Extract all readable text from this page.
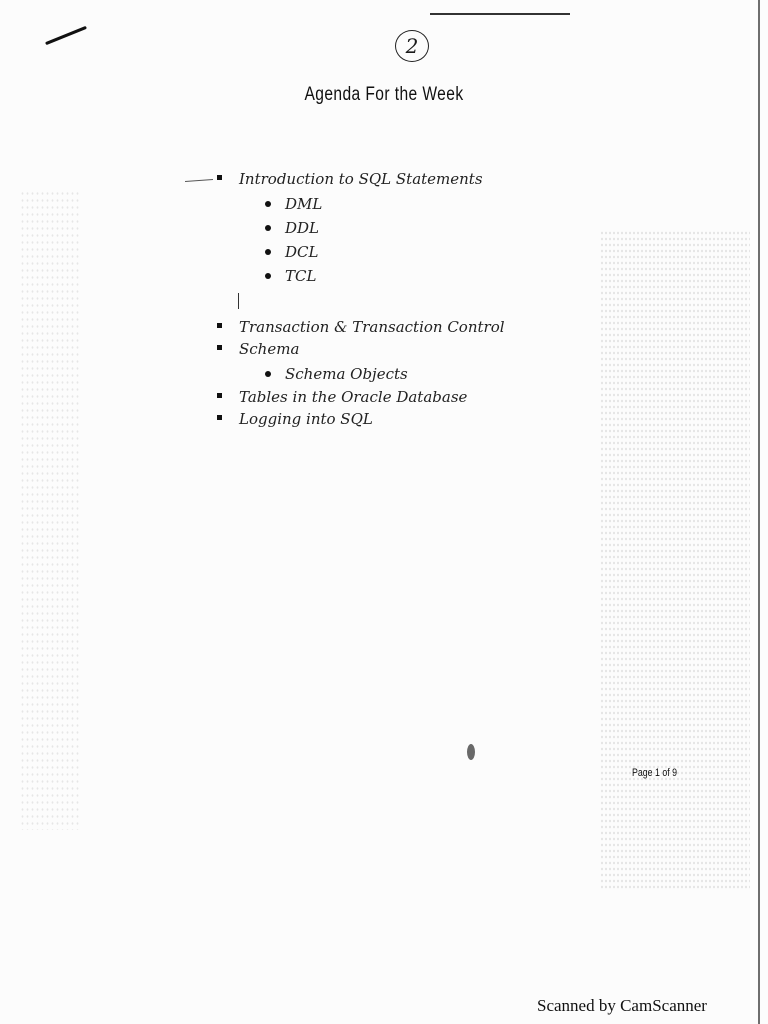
2
Agenda For the Week
Introduction to SQL Statements
DML
DDL
DCL
TCL
Transaction & Transaction Control
Schema
Schema Objects
Tables in the Oracle Database
Logging into SQL
Page 1 of 9
Scanned by CamScanner
